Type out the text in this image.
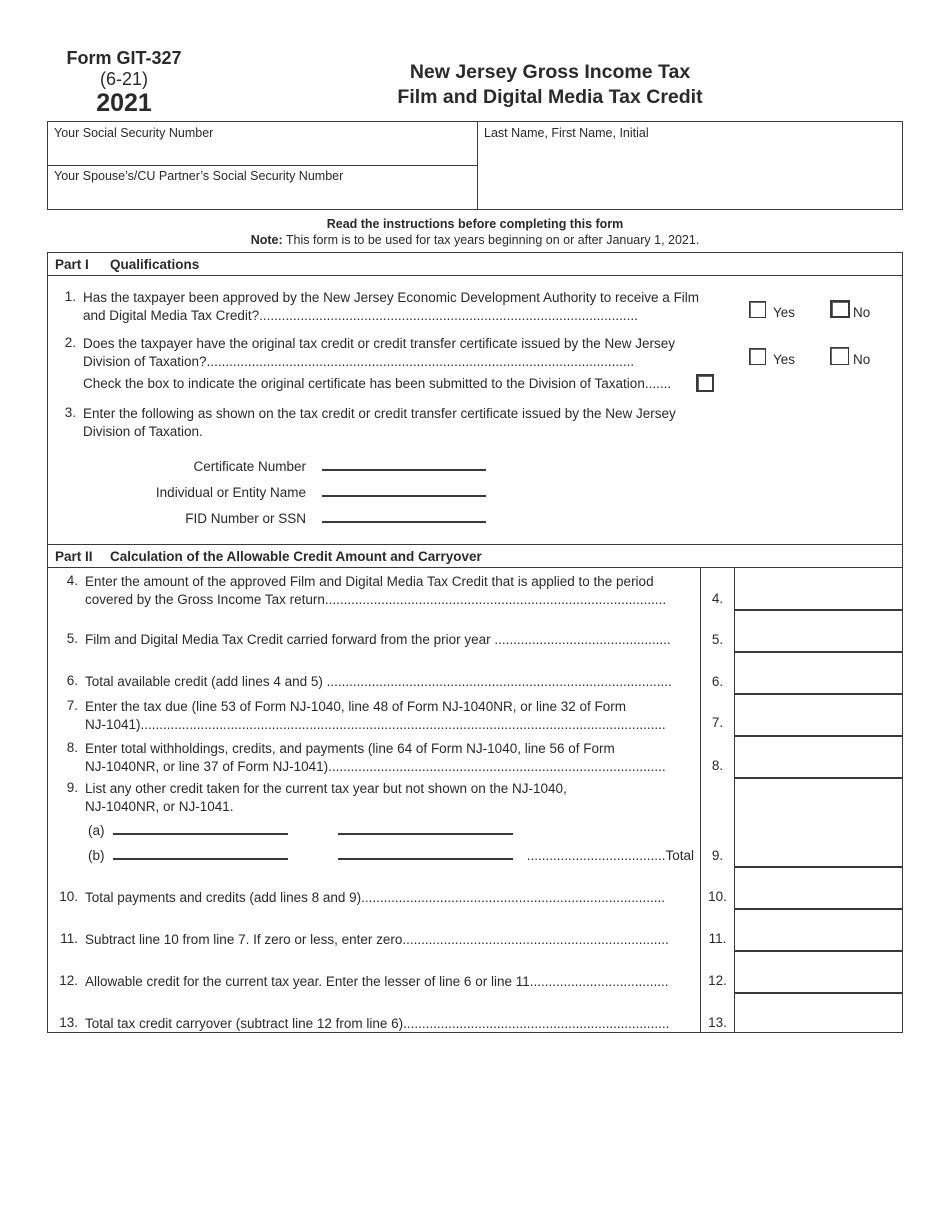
Form GIT-327
(6-21)
2021
New Jersey Gross Income Tax
Film and Digital Media Tax Credit
Your Social Security Number
Your Spouse’s/CU Partner’s Social Security Number
Last Name, First Name, Initial
Read the instructions before completing this form
Note: This form is to be used for tax years beginning on or after January 1, 2021.
Part I Qualifications
1. Has the taxpayer been approved by the New Jersey Economic Development Authority to receive a Film
and Digital Media Tax Credit?.....................................................................................................	Yes	No
2. Does the taxpayer have the original tax credit or credit transfer certificate issued by the New Jersey
Division of Taxation?..................................................................................................................	Yes	No
Check the box to indicate the original certificate has been submitted to the Division of Taxation.......
3. Enter the following as shown on the tax credit or credit transfer certificate issued by the New Jersey
Division of Taxation.
Certificate Number
Individual or Entity Name
FID Number or SSN
Part II Calculation of the Allowable Credit Amount and Carryover
4. Enter the amount of the approved Film and Digital Media Tax Credit that is applied to the period
covered by the Gross Income Tax return...........................................................................................	4.
5. Film and Digital Media Tax Credit carried forward from the prior year ...............................................	5.
6. Total available credit (add lines 4 and 5) ............................................................................................	6.
7. Enter the tax due (line 53 of Form NJ-1040, line 48 of Form NJ-1040NR, or line 32 of Form
NJ-1041)............................................................................................................................................	7.
8. Enter total withholdings, credits, and payments (line 64 of Form NJ-1040, line 56 of Form
NJ-1040NR, or line 37 of Form NJ-1041)..........................................................................................	8.
9. List any other credit taken for the current tax year but not shown on the NJ-1040,
NJ-1040NR, or NJ-1041.
(a)
(b)	.....................................Total	9.
10. Total payments and credits (add lines 8 and 9).................................................................................	10.
11. Subtract line 10 from line 7. If zero or less, enter zero.......................................................................	11.
12. Allowable credit for the current tax year. Enter the lesser of line 6 or line 11.....................................	12.
13. Total tax credit carryover (subtract line 12 from line 6).......................................................................	13.
